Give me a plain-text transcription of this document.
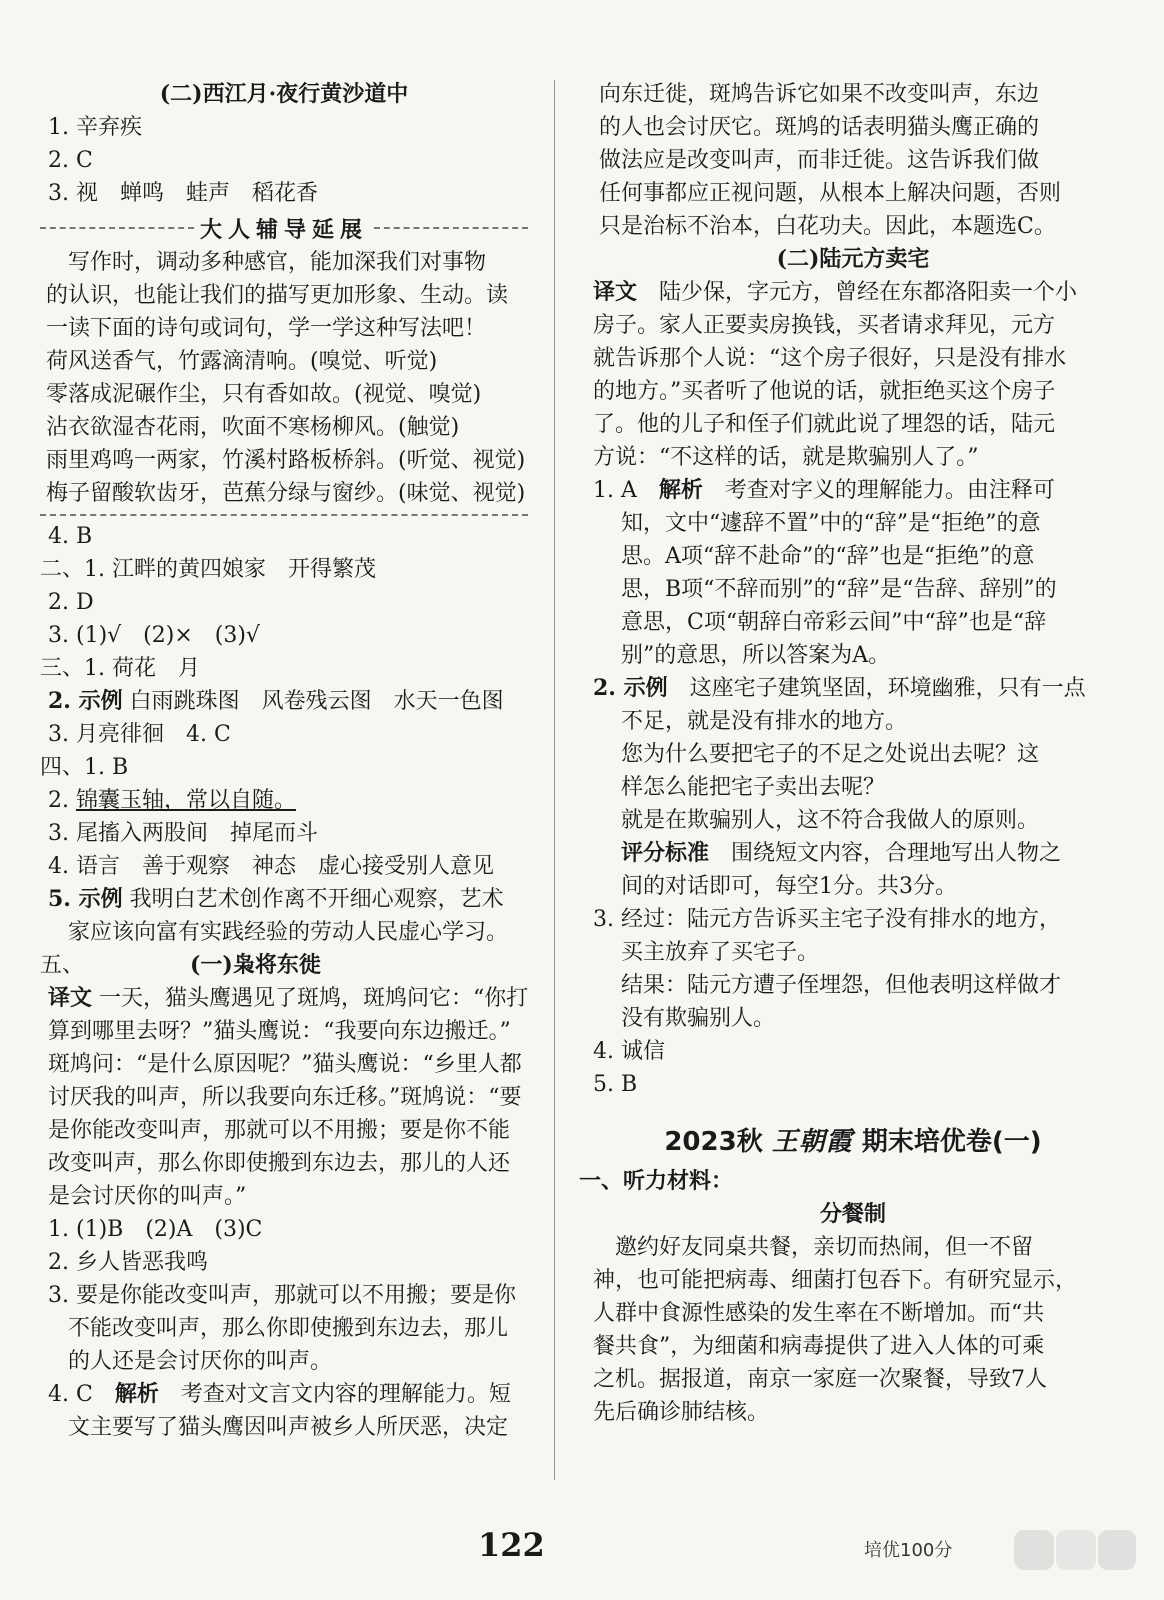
(二)西江月·夜行黄沙道中
1. 辛弃疾
2. C
3. 视　蝉鸣　蛙声　稻花香
大人辅导延展
　写作时，调动多种感官，能加深我们对事物
的认识，也能让我们的描写更加形象、生动。读
一读下面的诗句或词句，学一学这种写法吧！
荷风送香气，竹露滴清响。(嗅觉、听觉)
零落成泥碾作尘，只有香如故。(视觉、嗅觉)
沾衣欲湿杏花雨，吹面不寒杨柳风。(触觉)
雨里鸡鸣一两家，竹溪村路板桥斜。(听觉、视觉)
梅子留酸软齿牙，芭蕉分绿与窗纱。(味觉、视觉)
4. B
二、1. 江畔的黄四娘家　开得繁茂
2. D
3. (1)√　(2)×　(3)√
三、1. 荷花　月
2. 示例 白雨跳珠图　风卷残云图　水天一色图
3. 月亮徘徊　4. C
四、1. B
2. 锦囊玉轴，常以自随。
3. 尾搐入两股间　掉尾而斗
4. 语言　善于观察　神态　虚心接受别人意见
5. 示例 我明白艺术创作离不开细心观察，艺术
家应该向富有实践经验的劳动人民虚心学习。
五、	(一)枭将东徙
译文 一天，猫头鹰遇见了斑鸠，斑鸠问它：“你打
算到哪里去呀？”猫头鹰说：“我要向东边搬迁。”
斑鸠问：“是什么原因呢？”猫头鹰说：“乡里人都
讨厌我的叫声，所以我要向东迁移。”斑鸠说：“要
是你能改变叫声，那就可以不用搬；要是你不能
改变叫声，那么你即使搬到东边去，那儿的人还
是会讨厌你的叫声。”
1. (1)B　(2)A　(3)C
2. 乡人皆恶我鸣
3. 要是你能改变叫声，那就可以不用搬；要是你
不能改变叫声，那么你即使搬到东边去，那儿
的人还是会讨厌你的叫声。
4. C　 解析　 考查对文言文内容的理解能力。短
文主要写了猫头鹰因叫声被乡人所厌恶，决定
向东迁徙，斑鸠告诉它如果不改变叫声，东边
的人也会讨厌它。斑鸠的话表明猫头鹰正确的
做法应是改变叫声，而非迁徙。这告诉我们做
任何事都应正视问题，从根本上解决问题，否则
只是治标不治本，白花功夫。因此，本题选C。
(二)陆元方卖宅
译文　 陆少保，字元方，曾经在东都洛阳卖一个小
房子。家人正要卖房换钱，买者请求拜见，元方
就告诉那个人说：“这个房子很好，只是没有排水
的地方。”买者听了他说的话，就拒绝买这个房子
了。他的儿子和侄子们就此说了埋怨的话，陆元
方说：“不这样的话，就是欺骗别人了。”
1. A　 解析　 考查对字义的理解能力。由注释可
知，文中“遽辞不置”中的“辞”是“拒绝”的意
思。A项“辞不赴命”的“辞”也是“拒绝”的意
思，B项“不辞而别”的“辞”是“告辞、辞别”的
意思，C项“朝辞白帝彩云间”中“辞”也是“辞
别”的意思，所以答案为A。
2. 示例　 这座宅子建筑坚固，环境幽雅，只有一点
不足，就是没有排水的地方。
您为什么要把宅子的不足之处说出去呢？这
样怎么能把宅子卖出去呢？
就是在欺骗别人，这不符合我做人的原则。
评分标准　 围绕短文内容，合理地写出人物之
间的对话即可，每空1分。共3分。
3. 经过：陆元方告诉买主宅子没有排水的地方，
买主放弃了买宅子。
结果：陆元方遭子侄埋怨，但他表明这样做才
没有欺骗别人。
4. 诚信
5. B
2023秋 王朝霞 期末培优卷(一)
一、听力材料：
分餐制
　邀约好友同桌共餐，亲切而热闹，但一不留
神，也可能把病毒、细菌打包吞下。有研究显示，
人群中食源性感染的发生率在不断增加。而“共
餐共食”，为细菌和病毒提供了进入人体的可乘
之机。据报道，南京一家庭一次聚餐，导致7人
先后确诊肺结核。
122	培优100分
